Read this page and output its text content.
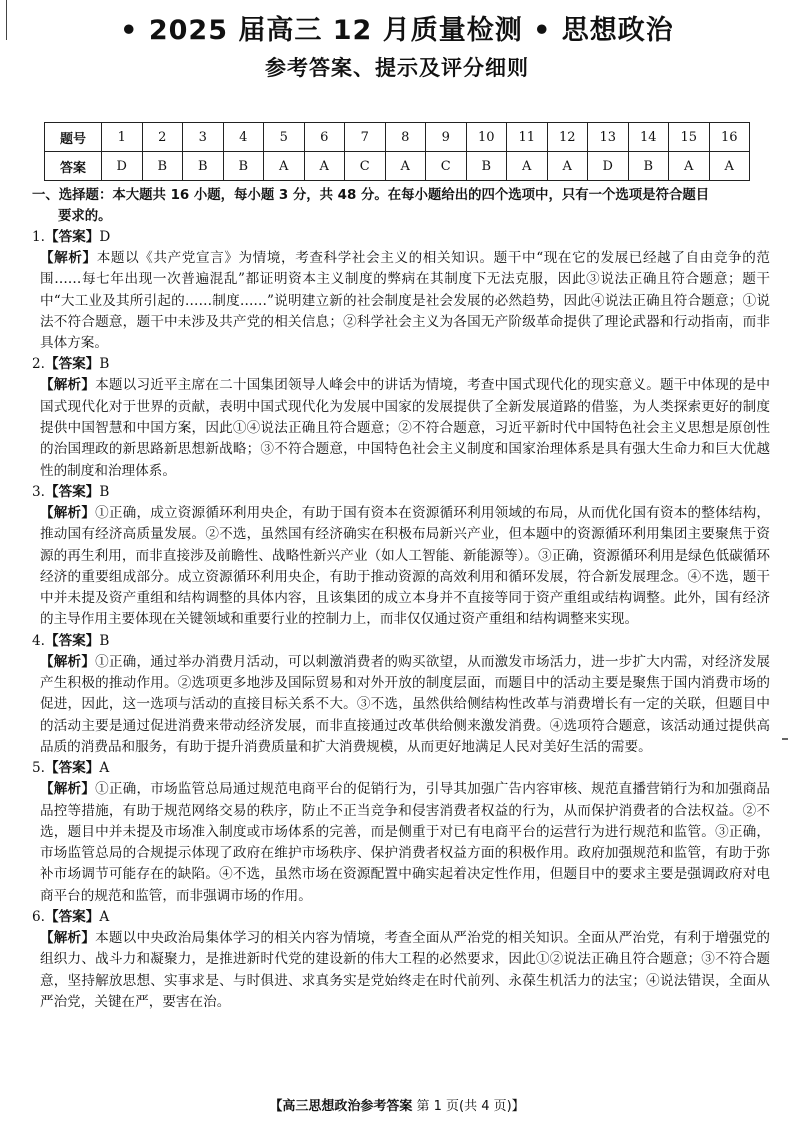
• 2025 届高三 12 月质量检测 • 思想政治
参考答案、提示及评分细则
题号	1	2	3	4	5	6	7	8	9	10	11	12	13	14	15	16
答案	D	B	B	B	A	A	C	A	C	B	A	A	D	B	A	A
一、选择题：本大题共 16 小题，每小题 3 分，共 48 分。在每小题给出的四个选项中，只有一个选项是符合题目
要求的。
1.【答案】D
【解析】本题以《共产党宣言》为情境，考查科学社会主义的相关知识。题干中“现在它的发展已经越了自由竞争的范围……每七年出现一次普遍混乱”都证明资本主义制度的弊病在其制度下无法克服，因此③说法正确且符合题意；题干中“大工业及其所引起的……制度……”说明建立新的社会制度是社会发展的必然趋势，因此④说法正确且符合题意；①说法不符合题意，题干中未涉及共产党的相关信息；②科学社会主义为各国无产阶级革命提供了理论武器和行动指南，而非具体方案。
2.【答案】B
【解析】本题以习近平主席在二十国集团领导人峰会中的讲话为情境，考查中国式现代化的现实意义。题干中体现的是中国式现代化对于世界的贡献，表明中国式现代化为发展中国家的发展提供了全新发展道路的借鉴，为人类探索更好的制度提供中国智慧和中国方案，因此①④说法正确且符合题意；②不符合题意，习近平新时代中国特色社会主义思想是原创性的治国理政的新思路新思想新战略；③不符合题意，中国特色社会主义制度和国家治理体系是具有强大生命力和巨大优越性的制度和治理体系。
3.【答案】B
【解析】①正确，成立资源循环利用央企，有助于国有资本在资源循环利用领域的布局，从而优化国有资本的整体结构，推动国有经济高质量发展。②不选，虽然国有经济确实在积极布局新兴产业，但本题中的资源循环利用集团主要聚焦于资源的再生利用，而非直接涉及前瞻性、战略性新兴产业（如人工智能、新能源等）。③正确，资源循环利用是绿色低碳循环经济的重要组成部分。成立资源循环利用央企，有助于推动资源的高效利用和循环发展，符合新发展理念。④不选，题干中并未提及资产重组和结构调整的具体内容，且该集团的成立本身并不直接等同于资产重组或结构调整。此外，国有经济的主导作用主要体现在关键领域和重要行业的控制力上，而非仅仅通过资产重组和结构调整来实现。
4.【答案】B
【解析】①正确，通过举办消费月活动，可以刺激消费者的购买欲望，从而激发市场活力，进一步扩大内需，对经济发展产生积极的推动作用。②选项更多地涉及国际贸易和对外开放的制度层面，而题目中的活动主要是聚焦于国内消费市场的促进，因此，这一选项与活动的直接目标关系不大。③不选，虽然供给侧结构性改革与消费增长有一定的关联，但题目中的活动主要是通过促进消费来带动经济发展，而非直接通过改革供给侧来激发消费。④选项符合题意，该活动通过提供高品质的消费品和服务，有助于提升消费质量和扩大消费规模，从而更好地满足人民对美好生活的需要。
5.【答案】A
【解析】①正确，市场监管总局通过规范电商平台的促销行为，引导其加强广告内容审核、规范直播营销行为和加强商品品控等措施，有助于规范网络交易的秩序，防止不正当竞争和侵害消费者权益的行为，从而保护消费者的合法权益。②不选，题目中并未提及市场准入制度或市场体系的完善，而是侧重于对已有电商平台的运营行为进行规范和监管。③正确，市场监管总局的合规提示体现了政府在维护市场秩序、保护消费者权益方面的积极作用。政府加强规范和监管，有助于弥补市场调节可能存在的缺陷。④不选，虽然市场在资源配置中确实起着决定性作用，但题目中的要求主要是强调政府对电商平台的规范和监管，而非强调市场的作用。
6.【答案】A
【解析】本题以中央政治局集体学习的相关内容为情境，考查全面从严治党的相关知识。全面从严治党，有利于增强党的组织力、战斗力和凝聚力，是推进新时代党的建设新的伟大工程的必然要求，因此①②说法正确且符合题意；③不符合题意，坚持解放思想、实事求是、与时俱进、求真务实是党始终走在时代前列、永葆生机活力的法宝；④说法错误，全面从严治党，关键在严，要害在治。
【高三思想政治参考答案 第 1 页(共 4 页)】
